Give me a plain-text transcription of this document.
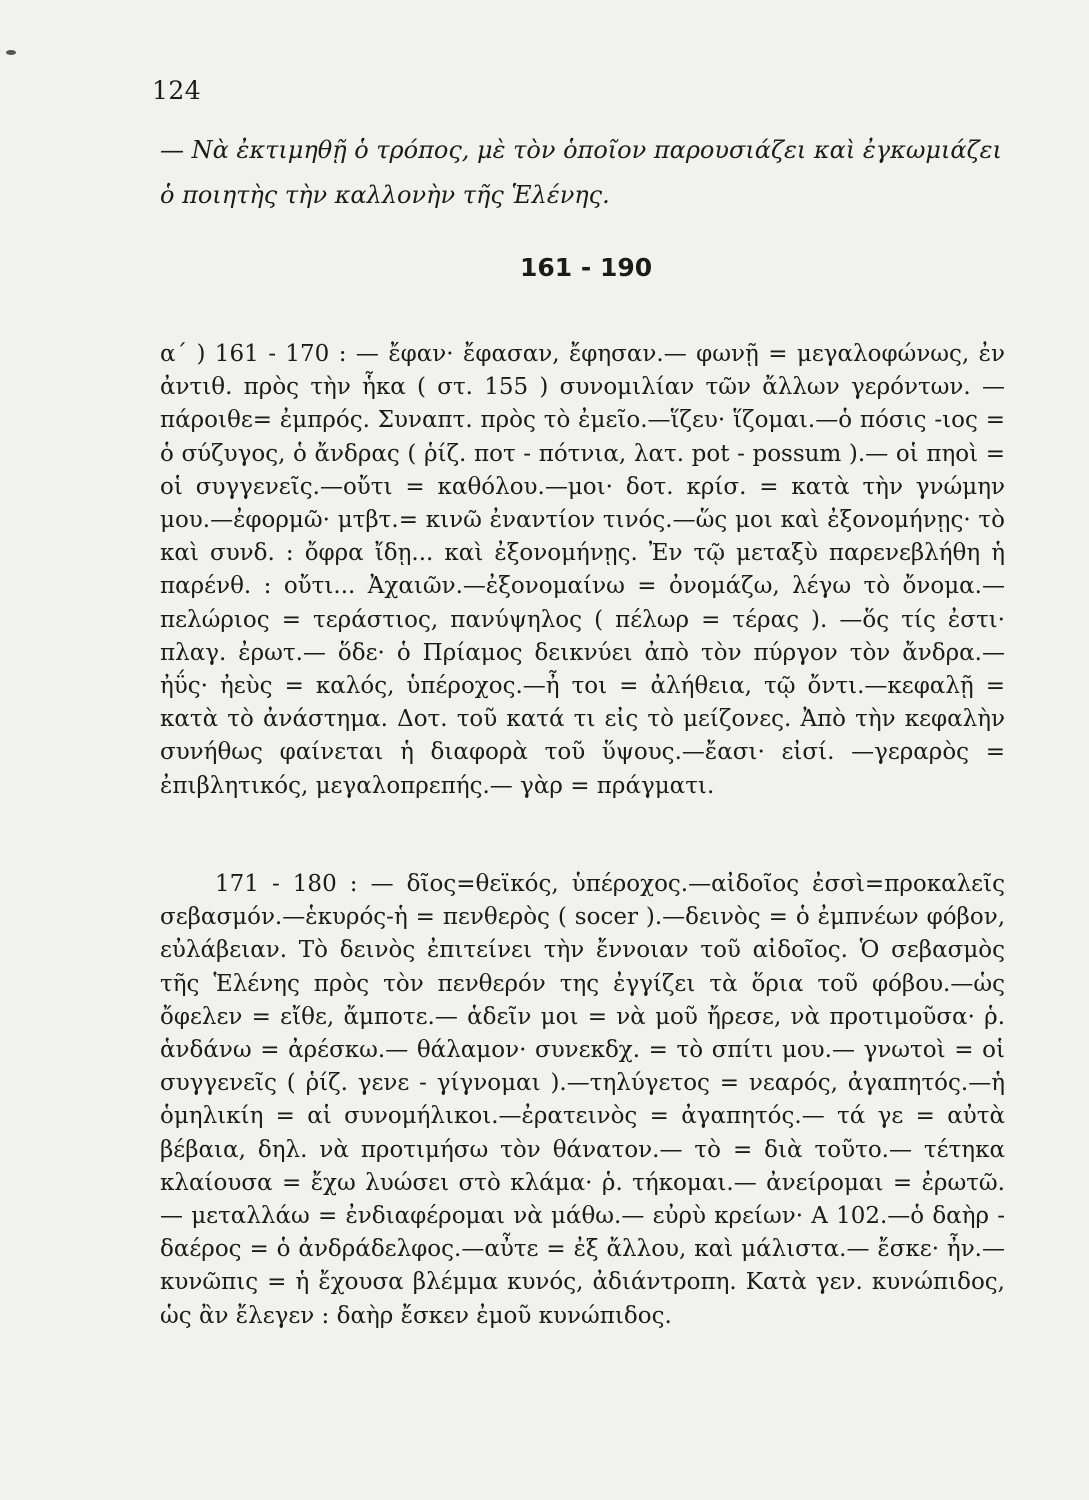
124

— Νὰ ἐκτιμηθῇ ὁ τρόπος, μὲ τὸν ὁποῖον παρουσιάζει καὶ ἐγκωμιάζει ὁ ποιητὴς τὴν καλλονὴν τῆς Ἑλένης.

161 - 190

α΄ ) 161 - 170 : — ἔφαν· ἔφασαν, ἔφησαν.— φωνῇ = μεγαλοφώνως, ἐν ἀντιθ. πρὸς τὴν ἧκα ( στ. 155 ) συνομιλίαν τῶν ἄλλων γερόντων. —πάροιθε= ἐμπρός. Συναπτ. πρὸς τὸ ἐμεῖο.—ἵζευ· ἵζομαι.—ὁ πόσις -ιος = ὁ σύζυγος, ὁ ἄνδρας ( ῥίζ. ποτ - πότνια, λατ. pot - possum ).— οἱ πηοὶ = οἱ συγγενεῖς.—οὔτι = καθόλου.—μοι· δοτ. κρίσ. = κατὰ τὴν γνώμην μου.—ἐφορμῶ· μτβτ.= κινῶ ἐναντίον τινός.—ὥς μοι καὶ ἐξονομήνῃς· τὸ καὶ συνδ. : ὄφρα ἴδῃ... καὶ ἐξονομήνῃς. Ἐν τῷ μεταξὺ παρενεβλήθη ἡ παρένθ. : οὔτι... Ἀχαιῶν.—ἐξονομαίνω = ὀνομάζω, λέγω τὸ ὄνομα.—πελώριος = τεράστιος, πανύψηλος ( πέλωρ = τέρας ). —ὅς τίς ἐστι· πλαγ. ἐρωτ.— ὅδε· ὁ Πρίαμος δεικνύει ἀπὸ τὸν πύργον τὸν ἄνδρα.— ἠΰς· ἠεὺς = καλός, ὑπέροχος.—ἦ τοι = ἀλήθεια, τῷ ὄντι.—κεφαλῇ = κατὰ τὸ ἀνάστημα. Δοτ. τοῦ κατά τι εἰς τὸ μείζονες. Ἀπὸ τὴν κεφαλὴν συνήθως φαίνεται ἡ διαφορὰ τοῦ ὕψους.—ἔασι· εἰσί. —γεραρὸς = ἐπιβλητικός, μεγαλοπρεπής.— γὰρ = πράγματι.

171 - 180 : — δῖος=θεϊκός, ὑπέροχος.—αἰδοῖος ἐσσὶ=προκαλεῖς σεβασμόν.—ἑκυρός-ἡ = πενθερὸς ( socer ).—δεινὸς = ὁ ἐμπνέων φόβον, εὐλάβειαν. Τὸ δεινὸς ἐπιτείνει τὴν ἔννοιαν τοῦ αἰδοῖος. Ὁ σεβασμὸς τῆς Ἑλένης πρὸς τὸν πενθερόν της ἐγγίζει τὰ ὅρια τοῦ φόβου.—ὡς ὄφελεν = εἴθε, ἄμποτε.— ἁδεῖν μοι = νὰ μοῦ ἤρεσε, νὰ προτιμοῦσα· ῥ. ἁνδάνω = ἀρέσκω.— θάλαμον· συνεκδχ. = τὸ σπίτι μου.— γνωτοὶ = οἱ συγγενεῖς ( ῥίζ. γενε - γίγνομαι ).—τηλύγετος = νεαρός, ἀγαπητός.—ἡ ὁμηλικίη = αἱ συνομήλικοι.—ἐρατεινὸς = ἀγαπητός.— τά γε = αὐτὰ βέβαια, δηλ. νὰ προτιμήσω τὸν θάνατον.— τὸ = διὰ τοῦτο.— τέτηκα κλαίουσα = ἔχω λυώσει στὸ κλάμα· ῥ. τήκομαι.— ἀνείρομαι = ἐρωτῶ. — μεταλλάω = ἐνδιαφέρομαι νὰ μάθω.— εὐρὺ κρείων· Α 102.—ὁ δαὴρ - δαέρος = ὁ ἀνδράδελφος.—αὖτε = ἐξ ἄλλου, καὶ μάλιστα.— ἔσκε· ἦν.—κυνῶπις = ἡ ἔχουσα βλέμμα κυνός, ἀδιάντροπη. Κατὰ γεν. κυνώπιδος, ὡς ἂν ἔλεγεν : δαὴρ ἔσκεν ἐμοῦ κυνώπιδος.
